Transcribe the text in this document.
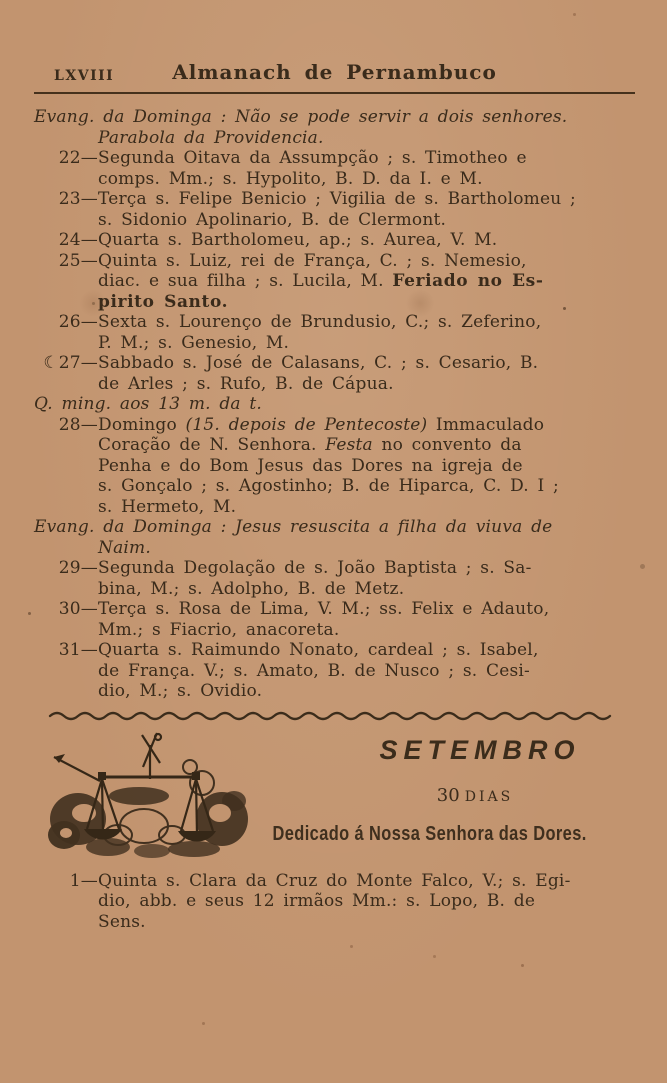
LXVIII	Almanach de Pernambuco
Evang. da Dominga : Não se pode servir a dois senhores.
Parabola da Providencia.
22—Segunda Oitava da Assumpção ; s. Timotheo e
comps. Mm.; s. Hypolito, B. D. da I. e M.
23—Terça s. Felipe Benicio ; Vigilia de s. Bartholomeu ;
s. Sidonio Apolinario, B. de Clermont.
24—Quarta s. Bartholomeu, ap.; s. Aurea, V. M.
25—Quinta s. Luiz, rei de França, C. ; s. Nemesio,
diac. e sua filha ; s. Lucila, M. Feriado no Es-
pirito Santo.
26—Sexta s. Lourenço de Brundusio, C.; s. Zeferino,
P. M.; s. Genesio, M.
☾27—Sabbado s. José de Calasans, C. ; s. Cesario, B.
de Arles ; s. Rufo, B. de Cápua.
Q. ming. aos 13 m. da t.
28—Domingo (15. depois de Pentecoste) Immaculado
Coração de N. Senhora. Festa no convento da
Penha e do Bom Jesus das Dores na igreja de
s. Gonçalo ; s. Agostinho; B. de Hiparca, C. D. I ;
s. Hermeto, M.
Evang. da Dominga : Jesus resuscita a filha da viuva de
Naim.
29—Segunda Degolação de s. João Baptista ; s. Sa-
bina, M.; s. Adolpho, B. de Metz.
30—Terça s. Rosa de Lima, V. M.; ss. Felix e Adauto,
Mm.; s Fiacrio, anacoreta.
31—Quarta s. Raimundo Nonato, cardeal ; s. Isabel,
de França. V.; s. Amato, B. de Nusco ; s. Cesi-
dio, M.; s. Ovidio.
SETEMBRO
30 DIAS
Dedicado á Nossa Senhora das Dores.
1—Quinta s. Clara da Cruz do Monte Falco, V.; s. Egi-
dio, abb. e seus 12 irmãos Mm.: s. Lopo, B. de
Sens.
